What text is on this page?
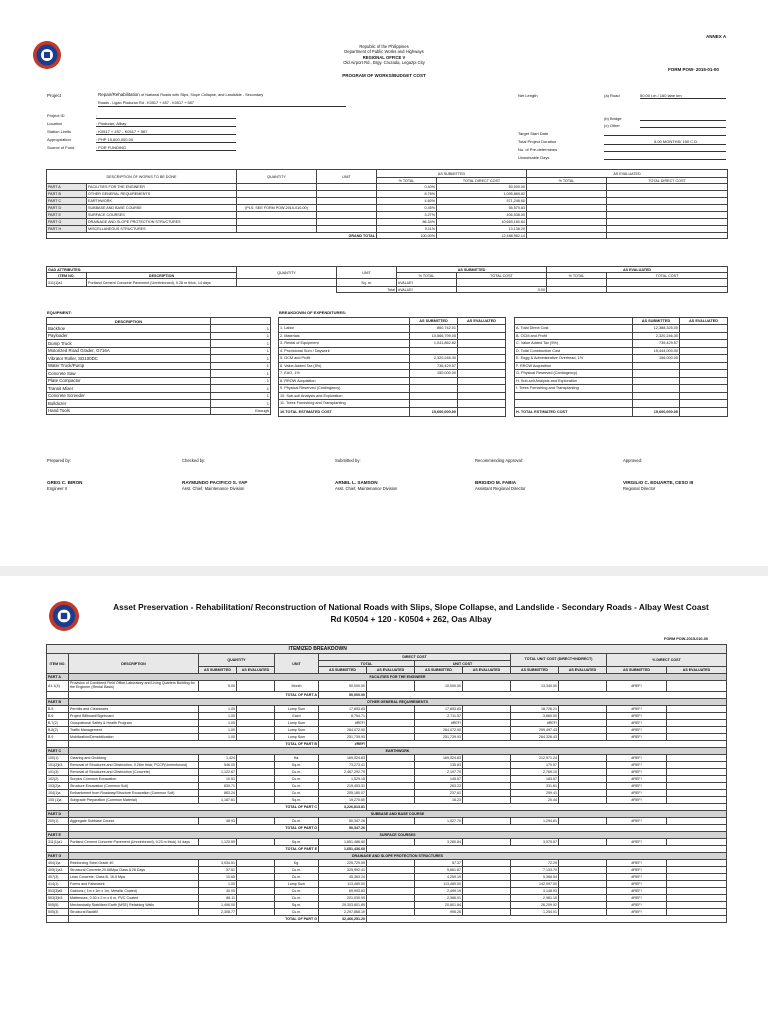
ANNEX A
Republic of the Philippines
Department of Public Works and Highways
REGIONAL OFFICE V
Old Airport Rd., Brgy. Cruzada, Legazpi City
PROGRAM OF WORKS/BUDGET COST
FORM POW- 2015-01-00
Project	Repair/Rehabilitation of National Roads with Slips, Slope Collapse, and Landslide - Secondary
Roads - Ligao Pioduran Rd - K0517 + 457 - K0517 + 587
Project ID	:
Location	: Pioduran, Albay
Station Limits	: K0517 + 457 - K0517 + 587
Appropriation	: PHP 15,600,000.00
Source of Fund	: FOR FUNDING
Net Length	(a) Road	50.00 l.m / 160 lane km
(b) Bridge
(c) Other
Target Start Date
Total Project Duration	5.00 MONTHS/ 150 C.D.
No. of Pre-determines
Unworkable Days
DESCRIPTION OF WORKS TO BE DONE		QUANTITY	UNIT	AS SUBMITTED		AS EVALUATED	
				% TOTAL	TOTAL DIRECT COST	% TOTAL	TOTAL DIRECT COST
PART A	FACILITIES FOR THE ENGINEER			0.40%	50,000.00		
PART B	OTHER GENERAL REQUIREMENTS			8.76%	1,095,869.82		
PART C	EARTHWORK			4.60%	571,246.60		
PART D	SUBBASE AND BASE COURSE	(PLS. SEE FORM POW-2015-010-00)		0.45%	55,570.83		
PART E	SURFACE COURSES			3.27%	406,538.00		
PART G	DRAINAGE AND SLOPE PROTECTION STRUCTURES			86.34%	10,669,160.84		
PART H	MISCELLANEOUS STRUCTURES			0.11%	13,136.20		
GRAND TOTAL				100.00%	12,488,962.14		
GAD ATTRIBUTES:		QUANTITY	UNIT	AS SUBMITTED		AS EVALUATED	
ITEM NO.	DESCRIPTION			% TOTAL	TOTAL COST	% TOTAL	TOTAL COST
311(1)a1	Portland Cement Concrete Pavement (Unreinforced), 0.28 m thick, 14 days		Sq. m.	#VALUE!			
			Total	#VALUE!	0.00		
EQUIPMENT:
DESCRIPTION	
Backhoe	1
Payloader	1
Dump Truck	1
Motorized Road Grader, G716A	1
Vibrator Roller, SD100DC	1
Water Truck/Pump	1
Concrete Saw	1
Plate Compactor	1
Transit Mixer	1
Concrete Screeder	1
Bulldozer	1
Hand Tools	Enough
BREAKDOWN OF EXPENDITURES:
	AS SUBMITTED	AS EVALUATED
1. Labor	860,742.01	
2. Materials	10,566,799.05	
3. Rental of Equipment	1,041,862.82	
4. Provisional Sum / Daywork		
5. OCM and Profit	2,320,246.30	
6. Value Added Tax (5%)	736,429.57	
7. EAO, 1%	150,000.00	
8. RROW Acquisition		
9. Physical Reserved (Contingency)		
10. Sub-soil Analysis and Exploration		
11. Trees Furnishing and Transplanting		
10.TOTAL ESTIMATED COST	15,600,000.00	
	AS SUBMITTED	AS EVALUATED
A. Total Direct Cost	12,388,325.00	
B. OCM and Profit	2,320,246.30	
C. Value Added Tax (5%)	735,429.57	
D. Total Construction Cost	15,444,000.00	
E. Engg & Administrative Overhead, 1%	156,000.00	
F. RROW Acquisition		
G. Physical Reserved (Contingency)		
H. Sub-soil Analysis and Exploration		
I. Trees Furnishing and Transplanting		

H. TOTAL ESTIMATED COST	15,600,000.00	
Prepared by:
GREG C. BIRON
Engineer II
Checked by:
RAYMUNDO PACIFICO S. YAP
Asst. Chief, Maintenance Division
Submitted by:
ARNEL L. SAMSON
Asst. Chief, Maintenance Division
Recommending Approval:
BRIGIDO M. FABIA
Assistant Regional Director
Approved:
VIRGILIO C. EDUARTE, CESO III
Regional Director
Asset Preservation - Rehabilitation/ Reconstruction of National Roads with Slips, Slope Collapse, and Landslide - Secondary Roads - Albay West Coast
Rd K0504 + 120 - K0504 + 262, Oas Albay
FORM POW-2015-010-00
				ITEMIZED BREAKDOWN								
ITEM NO.	DESCRIPTION	QUANTITY		UNIT	DIRECT COST				TOTAL UNIT COST (DIRECT+INDIRECT)		% DIRECT COST	
					TOTAL		UNIT COST					
		AS SUBMITTED	AS EVALUATED		AS SUBMITTED	AS EVALUATED	AS SUBMITTED	AS EVALUATED	AS SUBMITTED	AS EVALUATED	AS SUBMITTED	AS EVALUATED
PART A	FACILITIES FOR THE ENGINEER											
A1.1(4)	Provision of Combined Field Office,Laboratory and Living Quarters Building for the Engineer (Rental Basis)	5.00		Month	50,000.00		10,000.00		13,340.00		#REF!	
	TOTAL OF PART A				50,000.00							
PART B	OTHER GENERAL REQUIREMENTS											
B.5	Permits and Clearances	1.00		Lump Sum	17,853.83		17,853.83		18,726.21		#REF!	
B.6	Project Billboard/Signboard	1.00		Each	8,754.71		2,711.57		3,660.00		#REF!	
B.7(2)	Occupational Safety & Health Program	1.00		Lump Sum	#REF!		#REF!		#REF!		#REF!	
B.8(2)	Traffic Management	1.00		Lump Sum	264,072.00		264,072.00		299,497.43		#REF!	
B.9	Mobilization/Demobilization	1.00		Lump Sum	251,739.93		251,739.93		264,326.43		#REF!	
	TOTAL OF PART B				#REF!							
PART C	EARTHWORK											
100(1)	Clearing and Grubbing	1,424		Ha.	169,024.83		169,024.83		212,971.24		#REF!	
101(2)b3	Removal of Structures and Obstruction, 0.28m thick, PCCP(Unreinforced)	546.00		Sq.m.	73,273.41		135.83		170.57		#REF!	
101(3)	Removal of Structures and Obstruction (Concrete)	1,122.67		Cu.m.	2,467,292.79		2,197.70		2,769.10		#REF!	
102(2)	Surplus Common Excavation	10.51		Cu.m.	1,529.15		145.57		183.57		#REF!	
103(2)a	Structure Excavation (Common Soil)	830.71		Cu.m.	219,453.31		263.23		331.61		#REF!	
104(1)a	Embankment from Roadway/Structure Excavation (Common Soil)	863.24		Cu.m.	205,180.07		237.61		299.41		#REF!	
105 (1)a	Subgrade Preparation (Common Material)	1,187.61		Sq.m.	19,270.60		16.23		20.44		#REF!	
	TOTAL OF PART C				3,226,813.81							
PART D	SUBBASE AND BASE COURSE											
200(1)	Aggregate Subbase Course	48.93		Cu.m.	50,347.26		1,027.70		1,294.81		#REF!	
	TOTAL OF PART D				50,347.26							
PART E	SURFACE COURSES											
311(1)a1	Portland Cement Concrete Pavement (Unreinforced), 0.23 m thick) 14 days	1,120.59		Sq.m.	1,651,486.60		3,280.84		3,575.67		#REF!	
	TOTAL OF PART E				1,651,436.60							
PART G	DRAINAGE AND SLOPE PROTECTION STRUCTURES											
404(1)a	Reinforcing Steel Grade 40	3,934.51		Kg.	225,729.59		57.37		72.29		#REF!	
405(1)a3	Structural Concrete,20.68Mpa Class A 28 Days	57.51		Cu.m.	325,992.41		5,661.67		7,133.70		#REF!	
407(3)	Lean Concrete, Class B, 16.5 Mpa	10.65		Cu.m.	45,363.24		4,259.19		5,366.54		#REF!	
414(1)	Forms and Falsework	1.00		Lump Sum	113,480.00		113,480.00		142,997.00		#REF!	
503(3)a5	Gabions ( 1m x 1m x 1m, Metallic Coated)	30.00		Cu.m.	69,993.83		2,499.19		3,148.93		#REF!	
503(3)b3	Mattresses, 0.30 x 2 m x 6 m, PVC Coated	86.11		Cu.m.	201,030.09		2,366.01		2,981.19		#REF!	
505(5)	Mechanically Stabilized Earth (MSE) Retaining Walls	1,496.00		Sq.m.	29,303,801.89		20,801.84		26,209.92		#REF!	
505(3)	Structural Backfill	2,308.77		Cu.m.	2,297,868.19		995.26		1,254.01		#REF!	
	TOTAL OF PART G				32,466,251.20							
